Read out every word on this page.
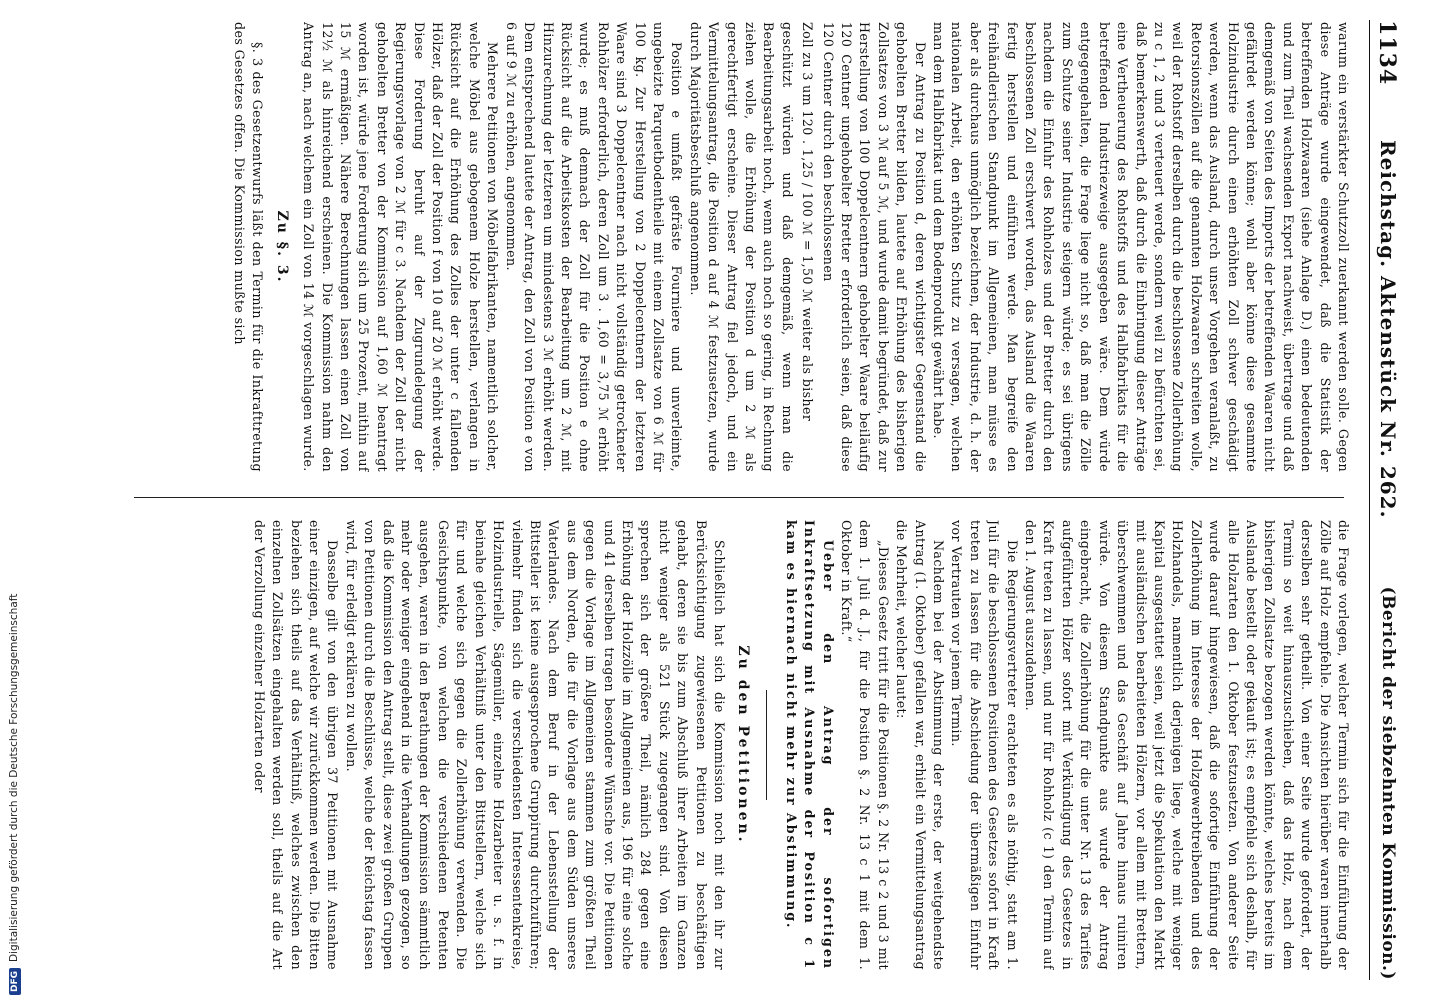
DFGDigitalisierung gefördert durch die Deutsche Forschungsgemeinschaft
1134
Reichstag. Aktenstück Nr. 262.
(Bericht der siebzehnten Kommission.)

warum ein verstärkter Schutzzoll zuerkannt werden solle. Gegen diese Anträge wurde eingewendet, daß die Statistik der betreffenden Holzwaaren (siehe Anlage D.) einen bedeutenden und zum Theil wachsenden Export nachweist, übertrage und daß demgemäß von Seiten des Imports der betreffenden Waaren nicht gefährdet werden könne; wohl aber könne diese gesammte Holzindustrie durch einen erhöhten Zoll schwer geschädigt werden, wenn das Ausland, durch unser Vorgehen veranlaßt, zu Retorsionszöllen auf die genannten Holzwaaren schreiten wolle, weil der Rohstoff derselben durch die beschlossene Zollerhöhung zu c 1, 2 und 3 verteuert werde, sondern weil zu befürchten sei, daß bemerkenswerth, daß durch die Einbringung dieser Anträge eine Vertheuerung des Rohstoffs und des Halbfabrikats für die betreffenden Industriezweige ausgegeben wäre. Dem würde entgegengehalten, die Frage liege nicht so, daß man die Zölle zum Schutze seiner Industrie steigern würde; es sei übrigens nachdem die Einfuhr des Rohholzes und der Bretter durch den beschlossenen Zoll erschwert worden, das Ausland die Waaren fertig herstellen und einführen werde. Man begreife den freihändlerischen Standpunkt im Allgemeinen, man müsse es aber als durchaus unmöglich bezeichnen, der Industrie, d. h. der nationalen Arbeit, den erhöhten Schutz zu versagen, welchen man dem Halbfabrikat und dem Bodenprodukt gewährt habe.

Der Antrag zu Position d, deren wichtigster Gegenstand die gehobelten Bretter bilden, lautete auf Erhöhung des bisherigen Zollsatzes von 3 ℳ auf 5 ℳ, und wurde damit begründet, daß zur Herstellung von 100 Doppelcentnern gehobelter Waare beiläufig 120 Centner ungehobelter Bretter erforderlich seien, daß diese 120 Centner durch den beschlossenen

Zoll zu 3 um 120 . 1,25 / 100 ℳ = 1,50 ℳ weiter als bisher

geschützt würden und daß demgemäß, wenn man die Bearbeitungsarbeit noch, wenn auch noch so gering, in Rechnung ziehen wolle, die Erhöhung der Position d um 2 ℳ als gerechtfertigt erscheine. Dieser Antrag fiel jedoch, und ein Vermittelungsantrag, die Position d auf 4 ℳ festzusetzen, wurde durch Majoritätsbeschluß angenommen.

Position e umfaßt gefräste Fourniere und unverleimte, ungebeizte Parquetbodentheile mit einem Zollsatze von 6 ℳ für 100 kg. Zur Herstellung von 2 Doppelcentnern der letzteren Waare sind 3 Doppelcentner nach nicht vollständig getrockneter Rohhölzer erforderlich, deren Zoll um 3 . 1,60 = 3,75 ℳ erhöht wurde; es muß demnach der Zoll für die Position e ohne Rücksicht auf die Arbeitskosten der Bearbeitung um 2 ℳ, mit Hinzurechnung der letzteren um mindestens 3 ℳ erhöht werden. Dem entsprechend lautete der Antrag, den Zoll von Position e von 6 auf 9 ℳ zu erhöhen, angenommen.

Mehrere Petitionen von Möbelfabrikanten, namentlich solcher, welche Möbel aus gebogenem Holze herstellen, verlangen in Rücksicht auf die Erhöhung des Zolles der unter c fallenden Hölzer, daß der Zoll der Position f von 10 auf 20 ℳ erhöht werde. Diese Forderung beruht auf der Zugrundelegung der Regierungsvorlage von 2 ℳ für c 3. Nachdem der Zoll der nicht gehobelten Bretter von der Kommission auf 1,60 ℳ beantragt worden ist, würde jene Forderung sich um 25 Prozent, mithin auf 15 ℳ ermäßigen. Nähere Berechnungen lassen einen Zoll von 12½ ℳ als hinreichend erscheinen. Die Kommission nahm den Antrag an, nach welchem ein Zoll von 14 ℳ vorgeschlagen wurde.

Zu §. 3.

§. 3 des Gesetzentwurfs läßt den Termin für die Inkrafttretung des Gesetzes offen. Die Kommission mußte sich

die Frage vorlegen, welcher Termin sich für die Einführung der Zölle auf Holz empfehle. Die Ansichten hierüber waren innerhalb derselben sehr getheilt. Von einer Seite wurde gefordert, der Termin so weit hinauszuschieben, daß das Holz, nach dem bisherigen Zollsatze bezogen werden könnte, welches bereits im Auslande bestellt oder gekauft ist; es empfehle sich deshalb, für alle Holzarten den 1. Oktober festzusetzen. Von anderer Seite wurde darauf hingewiesen, daß die sofortige Einführung der Zollerhöhung im Interesse der Holzgewerbtreibenden und des Holzhandels, namentlich derjenigen liege, welche mit weniger Kapital ausgestattet seien, weil jetzt die Spekulation den Markt mit ausländischen bearbeiteten Hölzern, vor allem mit Brettern, überschwemmen und das Geschäft auf Jahre hinaus ruiniren würde. Von diesem Standpunkte aus wurde der Antrag eingebracht, die Zollerhöhung für die unter Nr. 13 des Tarifes aufgeführten Hölzer sofort mit Verkündigung des Gesetzes in Kraft treten zu lassen, und nur für Rohholz (c 1) den Termin auf den 1. August auszudehnen.

Die Regierungsvertreter erachteten es als nöthig, statt am 1. Juli für die beschlossenen Positionen des Gesetzes sofort in Kraft treten zu lassen für die Abschiedung der übermäßigen Einfuhr vor Vertrauten vor jenem Termin.

Nachdem bei der Abstimmung der erste, der weitgehendste Antrag (1. Oktober) gefallen war, erhielt ein Vermittelungsantrag die Mehrheit, welcher lautet:

„Dieses Gesetz tritt für die Positionen §. 2 Nr. 13 c 2 und 3 mit dem 1. Juli d. J., für die Position §. 2 Nr. 13 c 1 mit dem 1. Oktober in Kraft.“

Ueber den Antrag der sofortigen Inkraftsetzung mit Ausnahme der Position c 1 kam es hiernach nicht mehr zur Abstimmung.

Zu den Petitionen.

Schließlich hat sich die Kommission noch mit den ihr zur Berücksichtigung zugewiesenen Petitionen zu beschäftigen gehabt, deren sie bis zum Abschluß ihrer Arbeiten im Ganzen nicht weniger als 521 Stück zugegangen sind. Von diesen sprechen sich der größere Theil, nämlich 284 gegen eine Erhöhung der Holzzölle im Allgemeinen aus, 196 für eine solche und 41 derselben tragen besondere Wünsche vor. Die Petitionen gegen die Vorlage im Allgemeinen stammen zum größten Theil aus dem Norden, die für die Vorlage aus dem Süden unseres Vaterlandes. Nach dem Beruf in der Lebensstellung der Bittsteller ist keine ausgesprochene Gruppirung durchzuführen; vielmehr finden sich die verschiedensten Interessentenkreise, Holzindustrielle, Sägemüller, einzelne Holzarbeiter u. s. f. in beinahe gleichen Verhältniß unter den Bittstellern, welche sich für und welche sich gegen die Zollerhöhung verwenden. Die Gesichtspunkte, von welchen die verschiedenen Petenten ausgehen, waren in den Berathungen der Kommission sämmtlich mehr oder weniger eingehend in die Verhandlungen gezogen, so daß die Kommission den Antrag stellt, diese zwei großen Gruppen von Petitionen durch die Beschlüsse, welche der Reichstag fassen wird, für erledigt erklären zu wollen.

Dasselbe gilt von den übrigen 37 Petitionen mit Ausnahme einer einzigen, auf welche wir zurückkommen werden. Die Bitten beziehen sich theils auf das Verhältniß, welches zwischen den einzelnen Zollsätzen eingehalten werden soll, theils auf die Art der Verzollung einzelner Holzarten oder
